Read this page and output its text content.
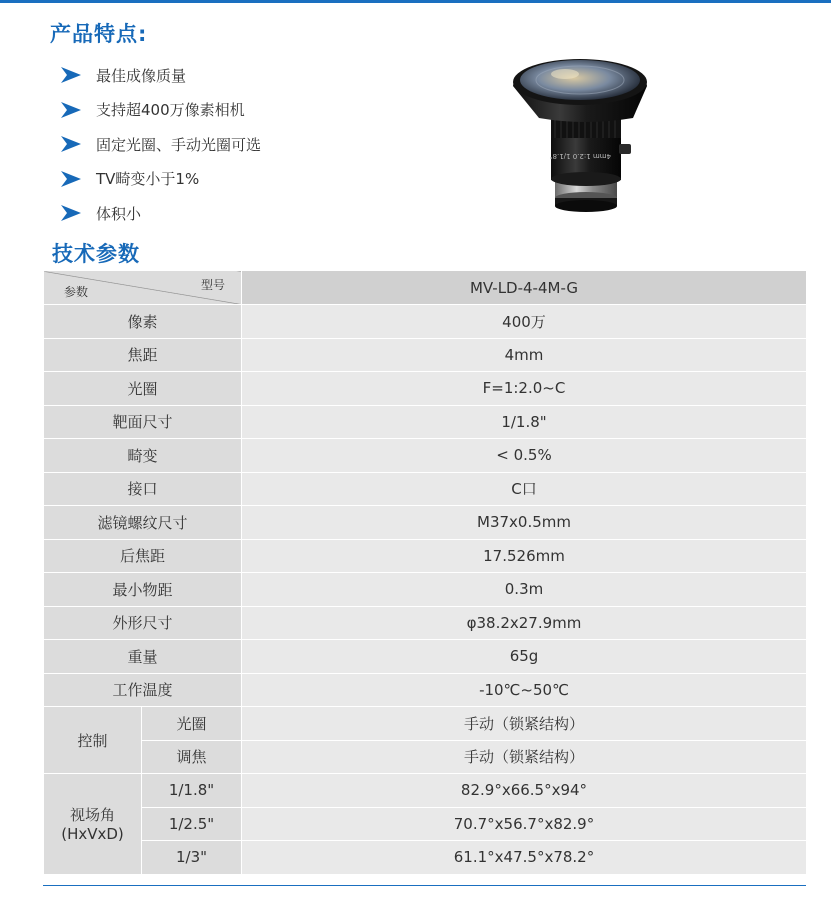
产品特点:
最佳成像质量
支持超400万像素相机
固定光圈、手动光圈可选
TV畸变小于1%
体积小
4mm 1:2.0 1/1.8"
技术参数
型号
参数		MV-LD-4-4M-G
像素		400万
焦距		4mm
光圈		F=1:2.0~C
靶面尺寸		1/1.8"
畸变		< 0.5%
接口		C口
滤镜螺纹尺寸		M37x0.5mm
后焦距		17.526mm
最小物距		0.3m
外形尺寸		φ38.2x27.9mm
重量		65g
工作温度		-10℃~50℃
控制	光圈	手动（锁紧结构）
	调焦	手动（锁紧结构）

视场角
(HxVxD)	1/1.8"	82.9°x66.5°x94°
	1/2.5"	70.7°x56.7°x82.9°
	1/3"	61.1°x47.5°x78.2°
